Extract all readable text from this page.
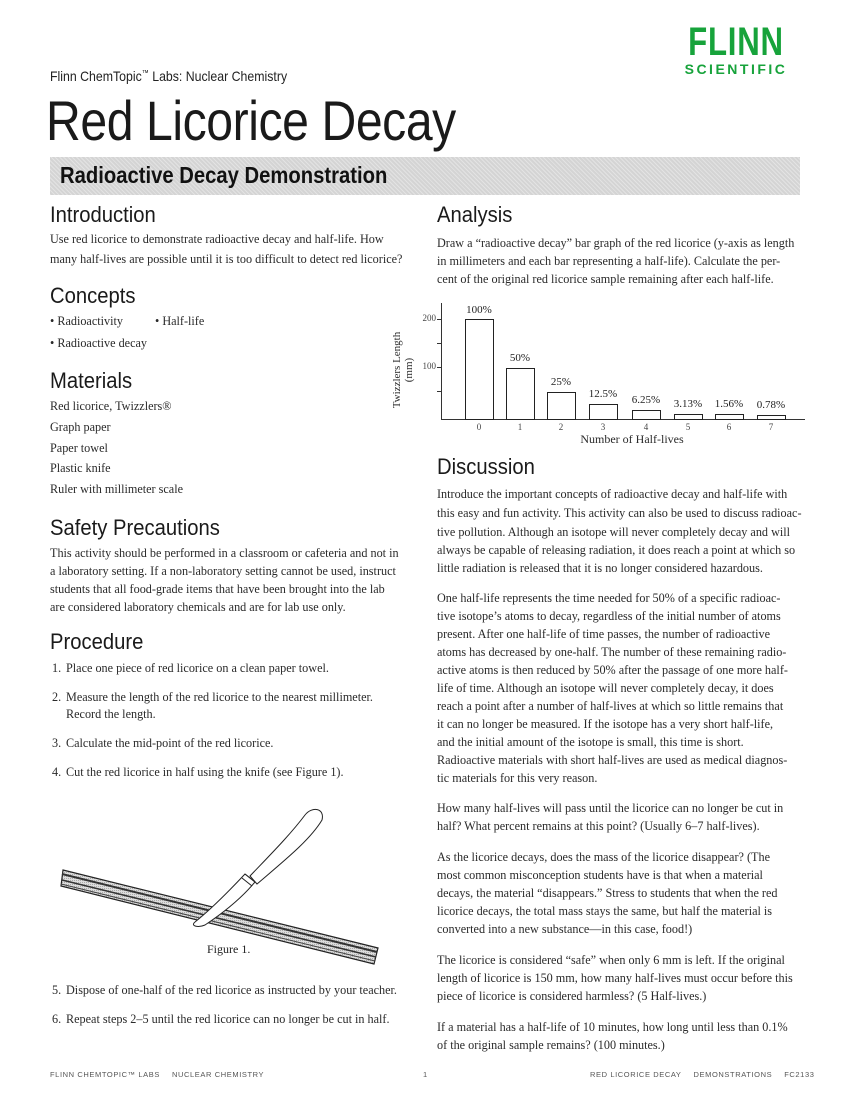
FLINN
SCIENTIFIC
Flinn ChemTopic™ Labs: Nuclear Chemistry
Red Licorice Decay
Radioactive Decay Demonstration
Introduction
Use red licorice to demonstrate radioactive decay and half-life. How
many half-lives are possible until it is too difficult to detect red licorice?
Concepts
• Radioactivity	• Half-life
• Radioactive decay
Materials
Red licorice, Twizzlers®
Graph paper
Paper towel
Plastic knife
Ruler with millimeter scale
Safety Precautions
This activity should be performed in a classroom or cafeteria and not in
a laboratory setting. If a non-laboratory setting cannot be used, instruct
students that all food-grade items that have been brought into the lab
are considered laboratory chemicals and are for lab use only.
Procedure
1. Place one piece of red licorice on a clean paper towel.
2. Measure the length of the red licorice to the nearest millimeter.
Record the length.
3. Calculate the mid-point of the red licorice.
4. Cut the red licorice in half using the knife (see Figure 1).
Figure 1.
5. Dispose of one-half of the red licorice as instructed by your teacher.
6. Repeat steps 2–5 until the red licorice can no longer be cut in half.
Analysis
Draw a “radioactive decay” bar graph of the red licorice (y-axis as length
in millimeters and each bar representing a half-life). Calculate the per-
cent of the original red licorice sample remaining after each half-life.
Twizzlers Length (mm)
200
100
100%
50%
25%
12.5%	6.25%	3.13%	1.56%	0.78%
0	1	2	3	4	5	6	7
Number of Half-lives
Discussion
Introduce the important concepts of radioactive decay and half-life with
this easy and fun activity. This activity can also be used to discuss radioac-
tive pollution. Although an isotope will never completely decay and will
always be capable of releasing radiation, it does reach a point at which so
little radiation is released that it is no longer considered hazardous.
One half-life represents the time needed for 50% of a specific radioac-
tive isotope’s atoms to decay, regardless of the initial number of atoms
present. After one half-life of time passes, the number of radioactive
atoms has decreased by one-half. The number of these remaining radio-
active atoms is then reduced by 50% after the passage of one more half-
life of time. Although an isotope will never completely decay, it does
reach a point after a number of half-lives at which so little remains that
it can no longer be measured. If the isotope has a very short half-life,
and the initial amount of the isotope is small, this time is short.
Radioactive materials with short half-lives are used as medical diagnos-
tic materials for this very reason.
How many half-lives will pass until the licorice can no longer be cut in
half? What percent remains at this point? (Usually 6–7 half-lives).
As the licorice decays, does the mass of the licorice disappear? (The
most common misconception students have is that when a material
decays, the material “disappears.” Stress to students that when the red
licorice decays, the total mass stays the same, but half the material is
converted into a new substance—in this case, food!)
The licorice is considered “safe” when only 6 mm is left. If the original
length of licorice is 150 mm, how many half-lives must occur before this
piece of licorice is considered harmless? (5 Half-lives.)
If a material has a half-life of 10 minutes, how long until less than 0.1%
of the original sample remains? (100 minutes.)
FLINN CHEMTOPIC™ LABS NUCLEAR CHEMISTRY	1	RED LICORICE DECAY DEMONSTRATIONS FC2133
